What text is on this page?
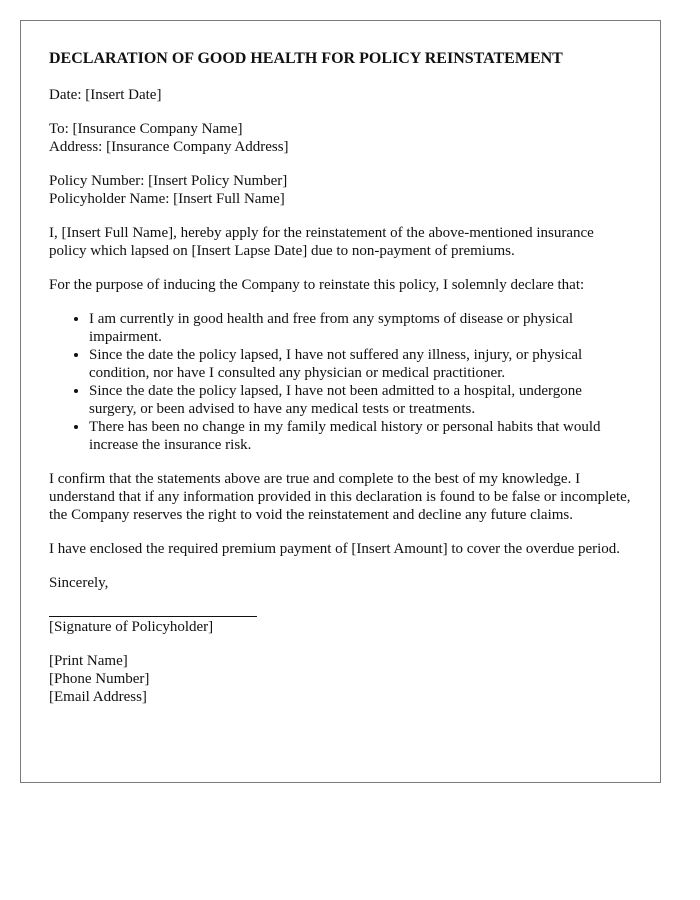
DECLARATION OF GOOD HEALTH FOR POLICY REINSTATEMENT
Date: [Insert Date]
To: [Insurance Company Name]
Address: [Insurance Company Address]
Policy Number: [Insert Policy Number]
Policyholder Name: [Insert Full Name]
I, [Insert Full Name], hereby apply for the reinstatement of the above-mentioned insurance policy which lapsed on [Insert Lapse Date] due to non-payment of premiums.
For the purpose of inducing the Company to reinstate this policy, I solemnly declare that:
• I am currently in good health and free from any symptoms of disease or physical impairment.
• Since the date the policy lapsed, I have not suffered any illness, injury, or physical condition, nor have I consulted any physician or medical practitioner.
• Since the date the policy lapsed, I have not been admitted to a hospital, undergone surgery, or been advised to have any medical tests or treatments.
• There has been no change in my family medical history or personal habits that would increase the insurance risk.
I confirm that the statements above are true and complete to the best of my knowledge. I understand that if any information provided in this declaration is found to be false or incomplete, the Company reserves the right to void the reinstatement and decline any future claims.
I have enclosed the required premium payment of [Insert Amount] to cover the overdue period.
Sincerely,
[Signature of Policyholder]
[Print Name]
[Phone Number]
[Email Address]
